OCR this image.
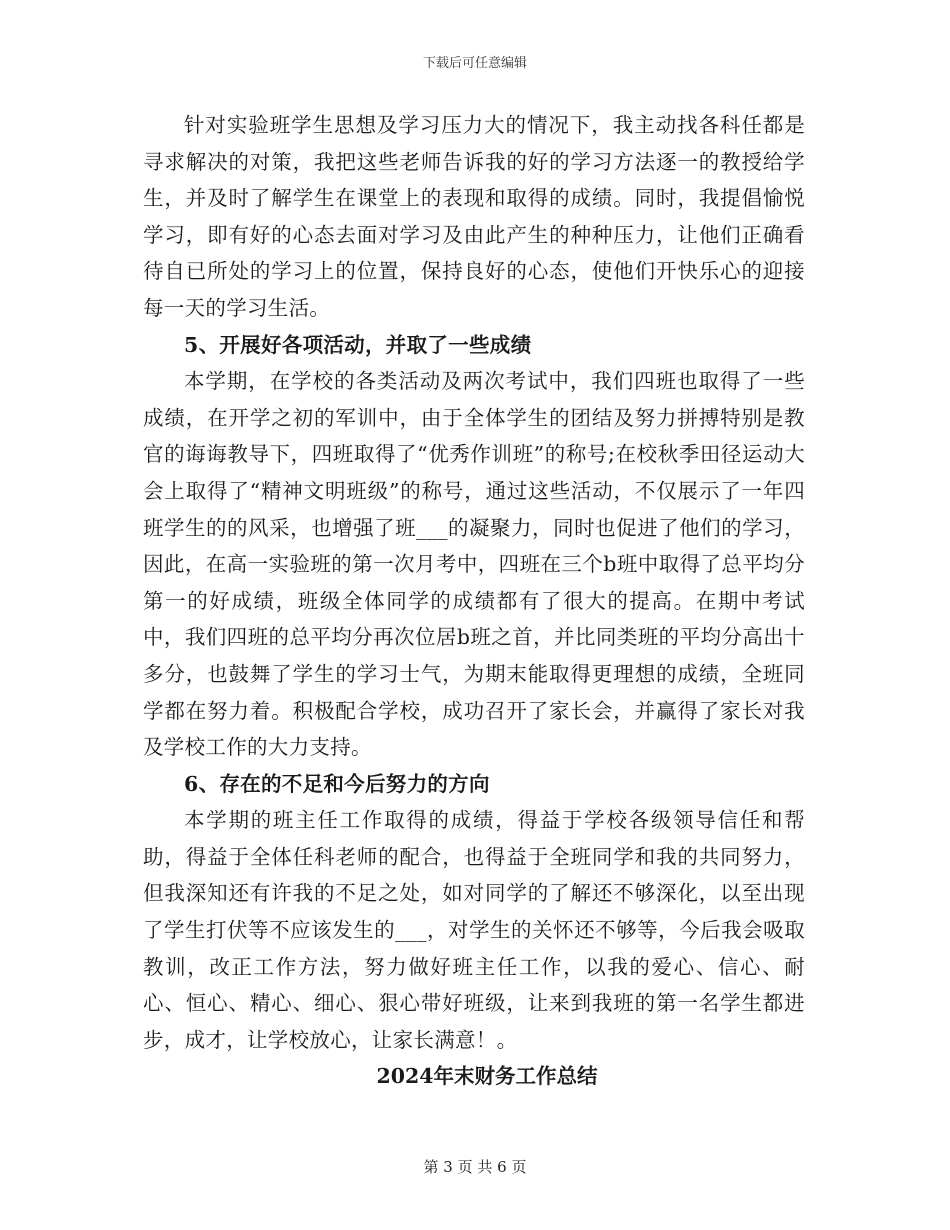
下载后可任意编辑

针对实验班学生思想及学习压力大的情况下，我主动找各科任都是寻求解决的对策，我把这些老师告诉我的好的学习方法逐一的教授给学生，并及时了解学生在课堂上的表现和取得的成绩。同时，我提倡愉悦学习，即有好的心态去面对学习及由此产生的种种压力，让他们正确看待自已所处的学习上的位置，保持良好的心态，使他们开快乐心的迎接每一天的学习生活。

5、开展好各项活动，并取了一些成绩

本学期，在学校的各类活动及两次考试中，我们四班也取得了一些成绩，在开学之初的军训中，由于全体学生的团结及努力拼搏特别是教官的诲诲教导下，四班取得了“优秀作训班”的称号;在校秋季田径运动大会上取得了“精神文明班级”的称号，通过这些活动，不仅展示了一年四班学生的的风采，也增强了班___的凝聚力，同时也促进了他们的学习，因此，在高一实验班的第一次月考中，四班在三个b班中取得了总平均分第一的好成绩，班级全体同学的成绩都有了很大的提高。在期中考试中，我们四班的总平均分再次位居b班之首，并比同类班的平均分高出十多分，也鼓舞了学生的学习士气，为期末能取得更理想的成绩，全班同学都在努力着。积极配合学校，成功召开了家长会，并赢得了家长对我及学校工作的大力支持。

6、存在的不足和今后努力的方向

本学期的班主任工作取得的成绩，得益于学校各级领导信任和帮助，得益于全体任科老师的配合，也得益于全班同学和我的共同努力，但我深知还有许我的不足之处，如对同学的了解还不够深化，以至出现了学生打伏等不应该发生的___，对学生的关怀还不够等，今后我会吸取教训，改正工作方法，努力做好班主任工作，以我的爱心、信心、耐心、恒心、精心、细心、狠心带好班级，让来到我班的第一名学生都进步，成才，让学校放心，让家长满意！。

2024年末财务工作总结

第 3 页 共 6 页
